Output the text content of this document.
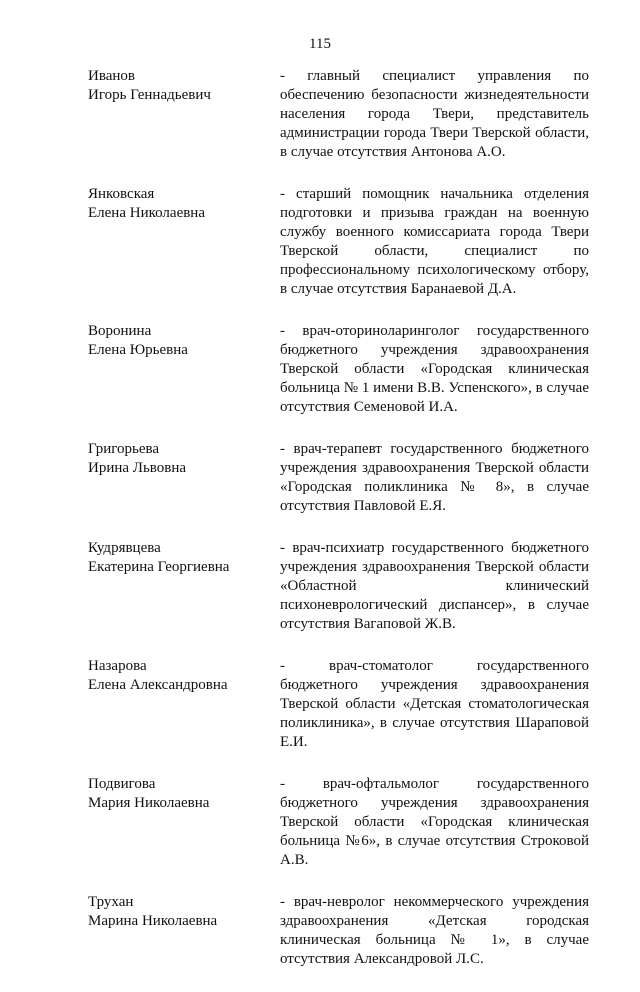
115
Иванов
Игорь Геннадьевич
- главный специалист управления по обеспечению безопасности жизнедеятельности населения города Твери, представитель администрации города Твери Тверской области, в случае отсутствия Антонова А.О.
Янковская
Елена Николаевна
- старший помощник начальника отделения подготовки и призыва граждан на военную службу военного комиссариата города Твери Тверской области, специалист по профессиональному психологическому отбору, в случае отсутствия Баранаевой Д.А.
Воронина
Елена Юрьевна
- врач-оториноларинголог государственного бюджетного учреждения здравоохранения Тверской области «Городская клиническая больница № 1 имени В.В. Успенского», в случае отсутствия Семеновой И.А.
Григорьева
Ирина Львовна
- врач-терапевт государственного бюджетного учреждения здравоохранения Тверской области «Городская поликлиника № 8», в случае отсутствия Павловой Е.Я.
Кудрявцева
Екатерина Георгиевна
- врач-психиатр государственного бюджетного учреждения здравоохранения Тверской области «Областной клинический психоневрологический диспансер», в случае отсутствия Вагаповой Ж.В.
Назарова
Елена Александровна
- врач-стоматолог государственного бюджетного учреждения здравоохранения Тверской области «Детская стоматологическая поликлиника», в случае отсутствия Шараповой Е.И.
Подвигова
Мария Николаевна
- врач-офтальмолог государственного бюджетного учреждения здравоохранения Тверской области «Городская клиническая больница №6», в случае отсутствия Строковой А.В.
Трухан
Марина Николаевна
- врач-невролог некоммерческого учреждения здравоохранения «Детская городская клиническая больница № 1», в случае отсутствия Александровой Л.С.
